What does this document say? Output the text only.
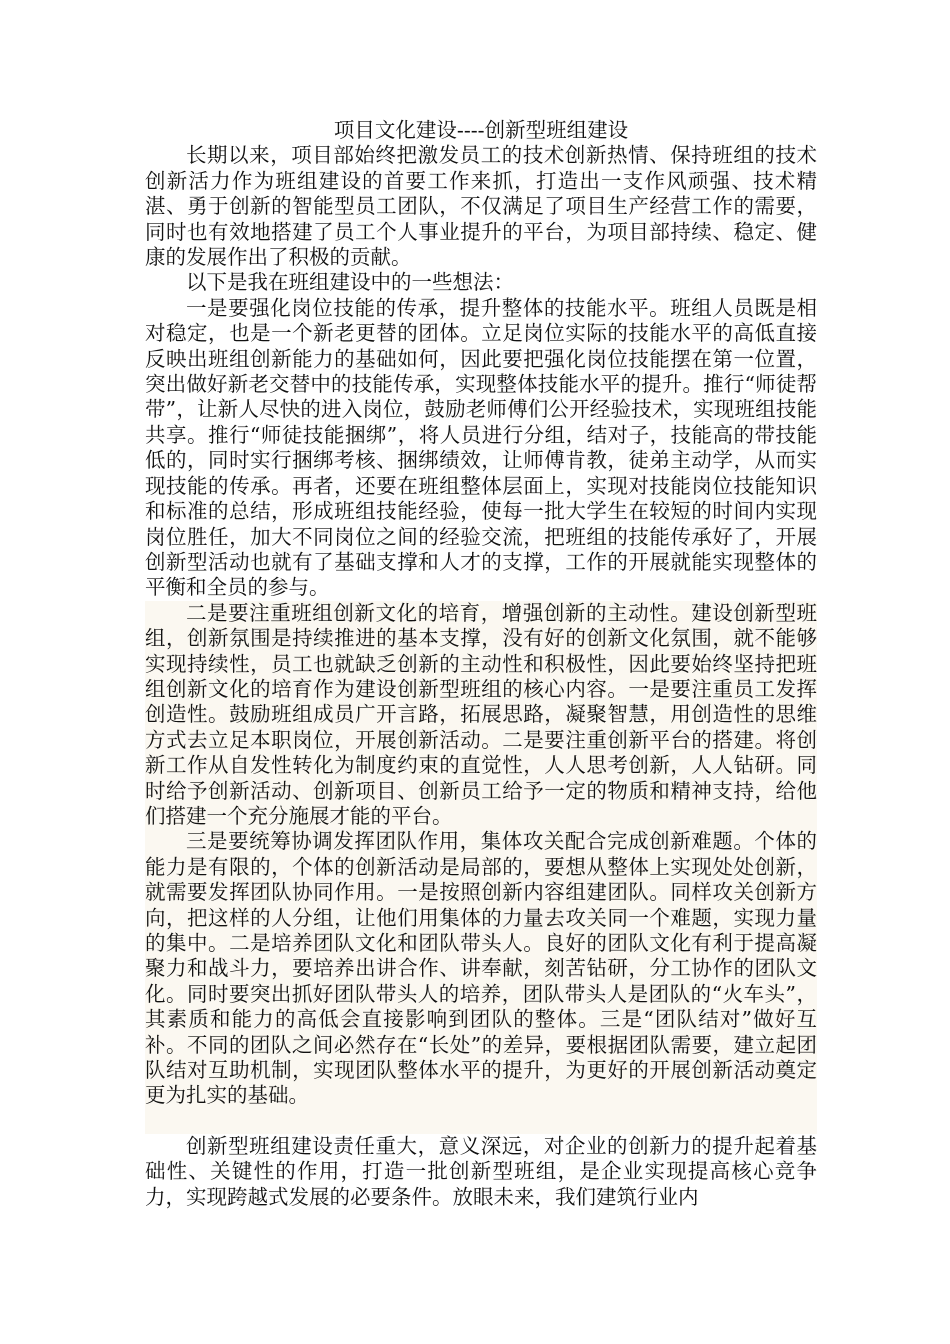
项目文化建设----创新型班组建设

长期以来，项目部始终把激发员工的技术创新热情、保持班组的技术创新活力作为班组建设的首要工作来抓，打造出一支作风顽强、技术精湛、勇于创新的智能型员工团队，不仅满足了项目生产经营工作的需要，同时也有效地搭建了员工个人事业提升的平台，为项目部持续、稳定、健康的发展作出了积极的贡献。

以下是我在班组建设中的一些想法：

一是要强化岗位技能的传承，提升整体的技能水平。班组人员既是相对稳定，也是一个新老更替的团体。立足岗位实际的技能水平的高低直接反映出班组创新能力的基础如何，因此要把强化岗位技能摆在第一位置，突出做好新老交替中的技能传承，实现整体技能水平的提升。推行“师徒帮带”，让新人尽快的进入岗位，鼓励老师傅们公开经验技术，实现班组技能共享。推行“师徒技能捆绑”，将人员进行分组，结对子，技能高的带技能低的，同时实行捆绑考核、捆绑绩效，让师傅肯教，徒弟主动学，从而实现技能的传承。再者，还要在班组整体层面上，实现对技能岗位技能知识和标准的总结，形成班组技能经验，使每一批大学生在较短的时间内实现岗位胜任，加大不同岗位之间的经验交流，把班组的技能传承好了，开展创新型活动也就有了基础支撑和人才的支撑，工作的开展就能实现整体的平衡和全员的参与。

二是要注重班组创新文化的培育，增强创新的主动性。建设创新型班组，创新氛围是持续推进的基本支撑，没有好的创新文化氛围，就不能够实现持续性，员工也就缺乏创新的主动性和积极性，因此要始终坚持把班组创新文化的培育作为建设创新型班组的核心内容。一是要注重员工发挥创造性。鼓励班组成员广开言路，拓展思路，凝聚智慧，用创造性的思维方式去立足本职岗位，开展创新活动。二是要注重创新平台的搭建。将创新工作从自发性转化为制度约束的直觉性，人人思考创新，人人钻研。同时给予创新活动、创新项目、创新员工给予一定的物质和精神支持，给他们搭建一个充分施展才能的平台。

三是要统筹协调发挥团队作用，集体攻关配合完成创新难题。个体的能力是有限的，个体的创新活动是局部的，要想从整体上实现处处创新，就需要发挥团队协同作用。一是按照创新内容组建团队。同样攻关创新方向，把这样的人分组，让他们用集体的力量去攻关同一个难题，实现力量的集中。二是培养团队文化和团队带头人。良好的团队文化有利于提高凝聚力和战斗力，要培养出讲合作、讲奉献，刻苦钻研，分工协作的团队文化。同时要突出抓好团队带头人的培养，团队带头人是团队的“火车头”，其素质和能力的高低会直接影响到团队的整体。三是“团队结对”做好互补。不同的团队之间必然存在“长处”的差异，要根据团队需要，建立起团队结对互助机制，实现团队整体水平的提升，为更好的开展创新活动奠定更为扎实的基础。

创新型班组建设责任重大，意义深远，对企业的创新力的提升起着基础性、关键性的作用，打造一批创新型班组，是企业实现提高核心竞争力，实现跨越式发展的必要条件。放眼未来，我们建筑行业内
